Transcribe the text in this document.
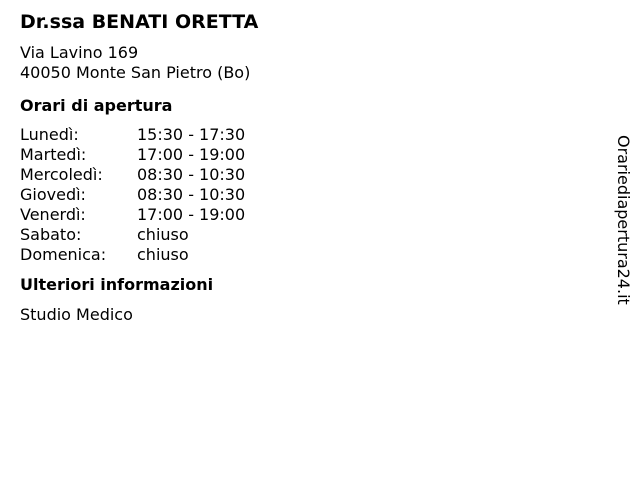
Dr.ssa BENATI ORETTA
Via Lavino 169
40050 Monte San Pietro (Bo)
Orari di apertura
Lunedì:	15:30 - 17:30
Martedì:	17:00 - 19:00
Mercoledì:	08:30 - 10:30
Giovedì:	08:30 - 10:30
Venerdì:	17:00 - 19:00
Sabato:	chiuso
Domenica:	chiuso
Ulteriori informazioni
Studio Medico
Orariediapertura24.it
